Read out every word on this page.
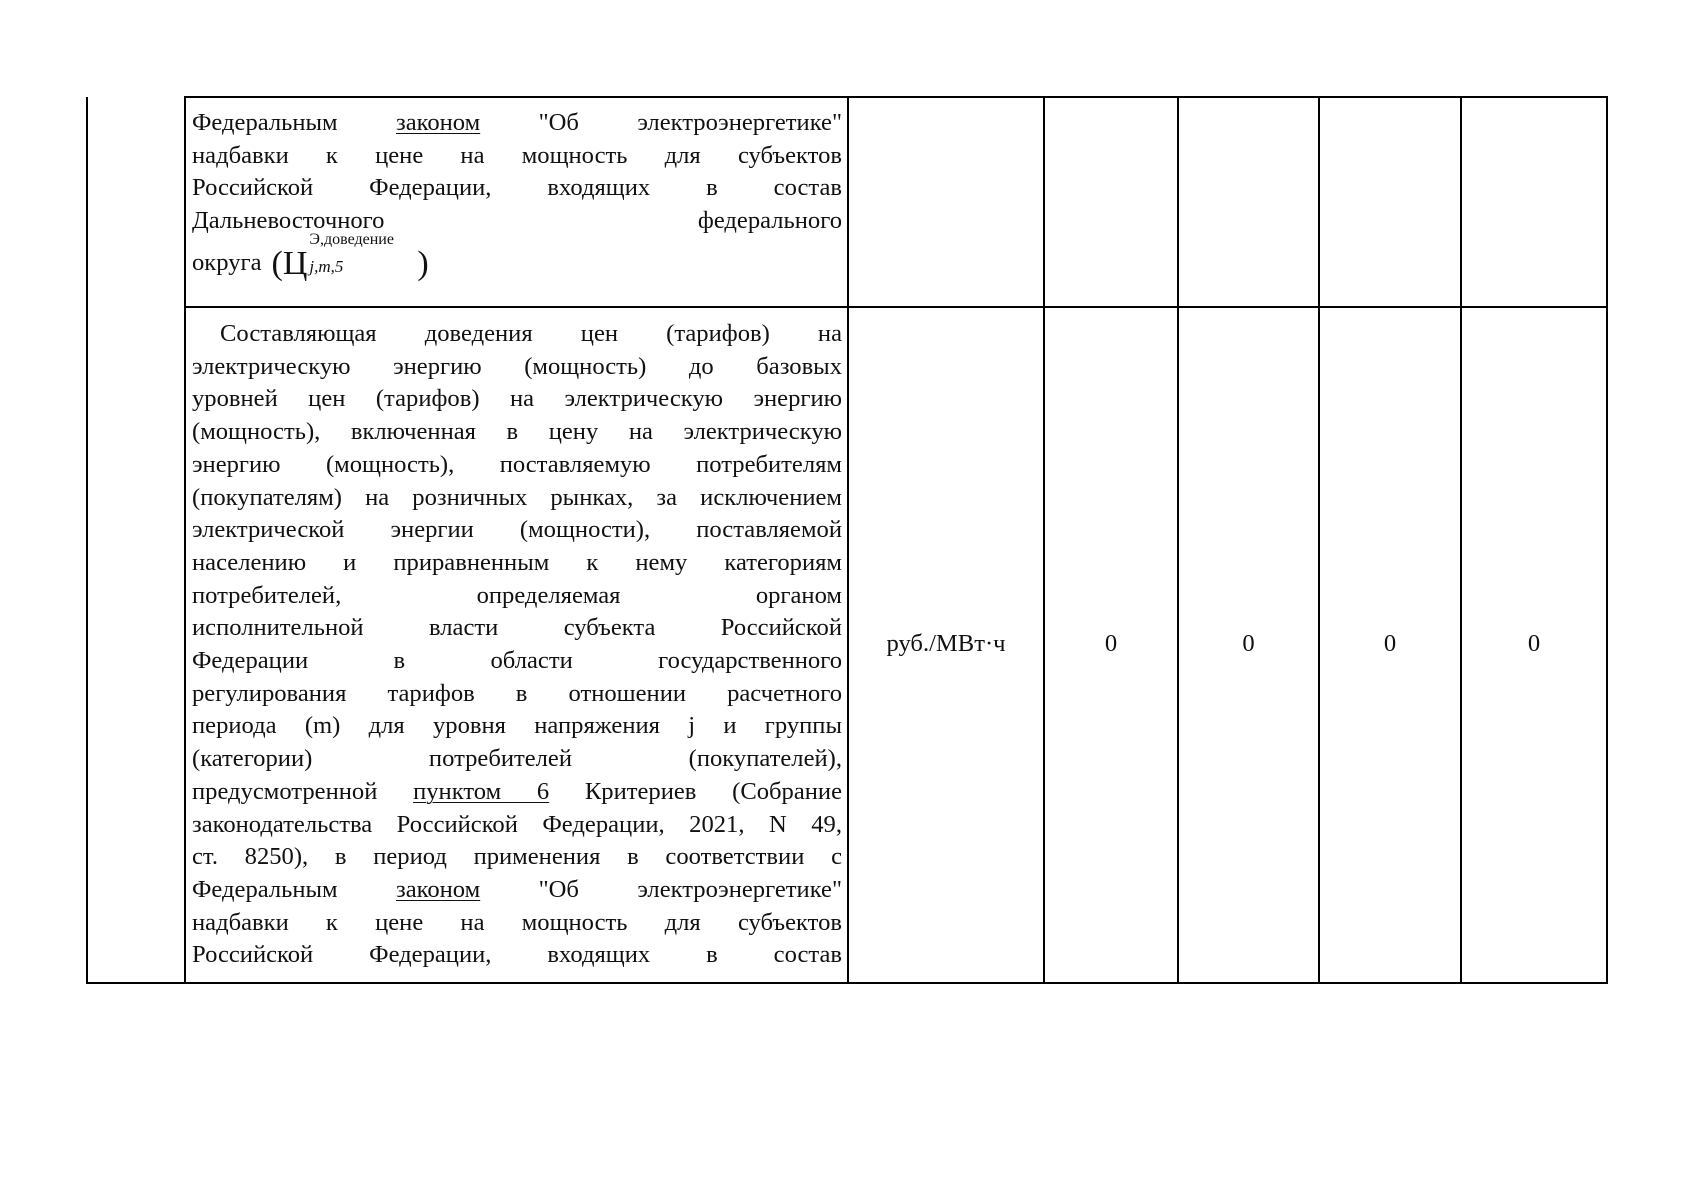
Федеральным законом "Об электроэнергетике"
надбавки к цене на мощность для субъектов
Российской Федерации, входящих в состав
Дальневосточного федерального
округа (Ц
Э,доведение
j,m,5 )
Составляющая доведения цен (тарифов) на
электрическую энергию (мощность) до базовых
уровней цен (тарифов) на электрическую энергию
(мощность), включенная в цену на электрическую
энергию (мощность), поставляемую потребителям
(покупателям) на розничных рынках, за исключением
электрической энергии (мощности), поставляемой
населению и приравненным к нему категориям
потребителей, определяемая органом
исполнительной власти субъекта Российской
Федерации в области государственного
регулирования тарифов в отношении расчетного
периода (m) для уровня напряжения j и группы
(категории) потребителей (покупателей),
предусмотренной пунктом 6 Критериев (Собрание
законодательства Российской Федерации, 2021, N 49,
ст. 8250), в период применения в соответствии с
Федеральным законом "Об электроэнергетике"
надбавки к цене на мощность для субъектов
Российской Федерации, входящих в состав
руб./МВт·ч	0	0	0	0
